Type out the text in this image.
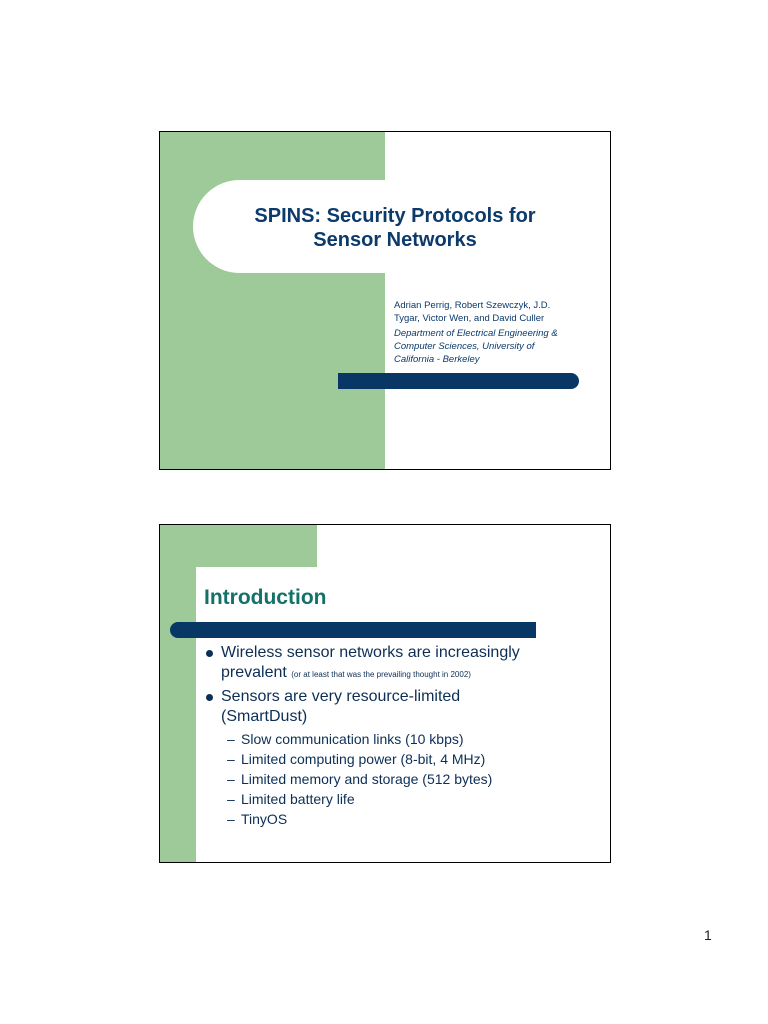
SPINS: Security Protocols for
Sensor Networks
Adrian Perrig, Robert Szewczyk, J.D.
Tygar, Victor Wen, and David Culler
Department of Electrical Engineering &
Computer Sciences, University of
California - Berkeley
Introduction
Wireless sensor networks are increasingly
prevalent (or at least that was the prevailing thought in 2002)
Sensors are very resource-limited
(SmartDust)
– Slow communication links (10 kbps)
– Limited computing power (8-bit, 4 MHz)
– Limited memory and storage (512 bytes)
– Limited battery life
– TinyOS
1
